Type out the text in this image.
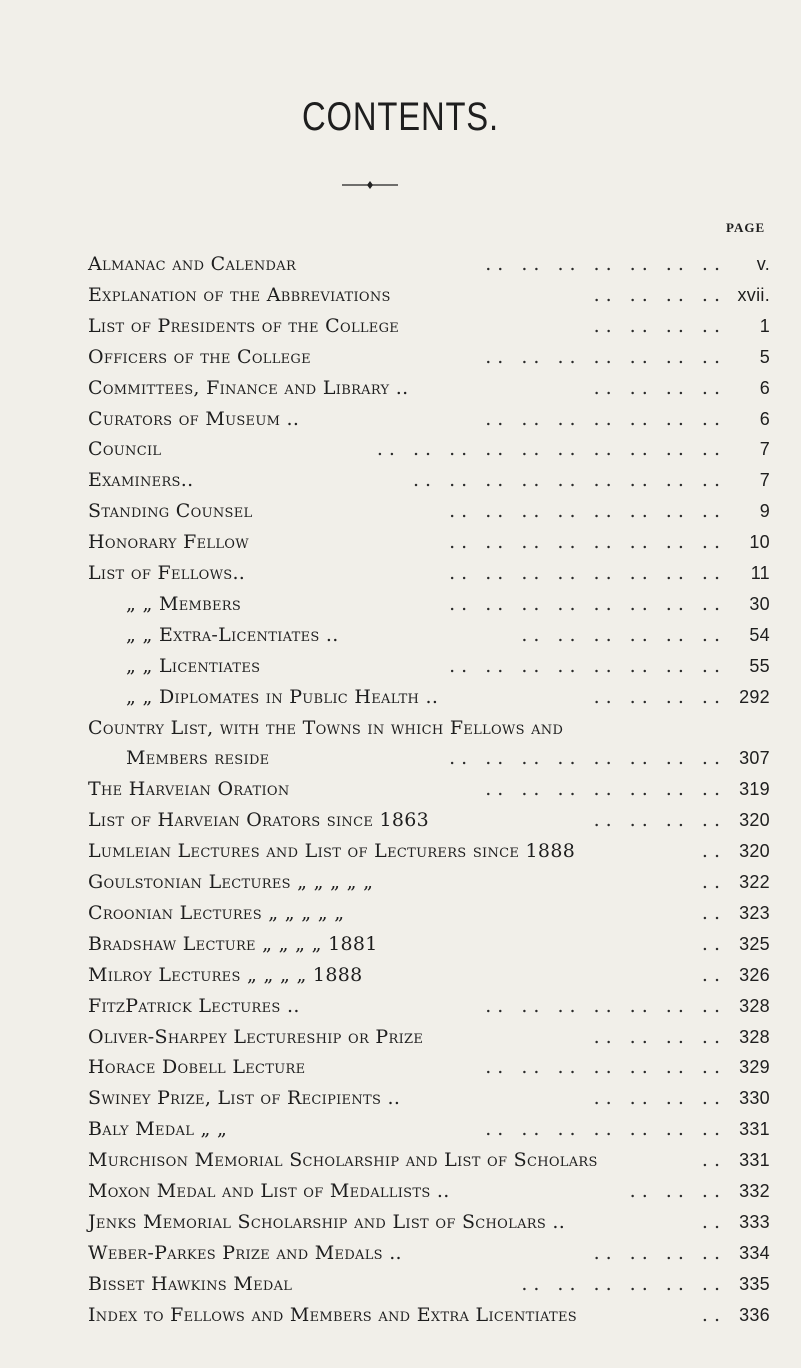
CONTENTS.
PAGE
Almanac and Calendar	.. .. .. .. .. .. ..	v.
Explanation of the Abbreviations	.. .. .. .. xvii.
List of Presidents of the College	.. .. .. ..	1
Officers of the College	.. .. .. .. .. .. ..	5
Committees, Finance and Library ..	.. .. .. ..	6
Curators of Museum ..	.. .. .. .. .. .. ..	6
Council	.. .. .. .. .. .. .. .. .. ..	7
Examiners..	.. .. .. .. .. .. .. .. ..	7
Standing Counsel	.. .. .. .. .. .. .. ..	9
Honorary Fellow	.. .. .. .. .. .. .. ..	10
List of Fellows..	.. .. .. .. .. .. .. ..	11
„ „ Members	.. .. .. .. .. .. .. ..	30
„ „ Extra-Licentiates ..	.. .. .. .. .. ..	54
„ „ Licentiates	.. .. .. .. .. .. .. ..	55
„ „ Diplomates in Public Health ..	.. .. .. .. 292
Country List, with the Towns in which Fellows and
Members reside	.. .. .. .. .. .. .. .. 307
The Harveian Oration	.. .. .. .. .. .. .. 319
List of Harveian Orators since 1863	.. .. .. .. 320
Lumleian Lectures and List of Lecturers since 1888	.. 320
Goulstonian Lectures „ „ „ „ „	.. 322
Croonian Lectures „ „ „ „ „	.. 323
Bradshaw Lecture „ „ „ „ 1881	.. 325
Milroy Lectures „ „ „ „ 1888	.. 326
FitzPatrick Lectures ..	.. .. .. .. .. .. .. 328
Oliver-Sharpey Lectureship or Prize	.. .. .. .. 328
Horace Dobell Lecture	.. .. .. .. .. .. .. 329
Swiney Prize, List of Recipients ..	.. .. .. .. 330
Baly Medal „ „	.. .. .. .. .. .. .. 331
Murchison Memorial Scholarship and List of Scholars	.. 331
Moxon Medal and List of Medallists ..	.. .. .. 332
Jenks Memorial Scholarship and List of Scholars ..	.. 333
Weber-Parkes Prize and Medals ..	.. .. .. .. 334
Bisset Hawkins Medal	.. .. .. .. .. .. 335
Index to Fellows and Members and Extra Licentiates	.. 336
